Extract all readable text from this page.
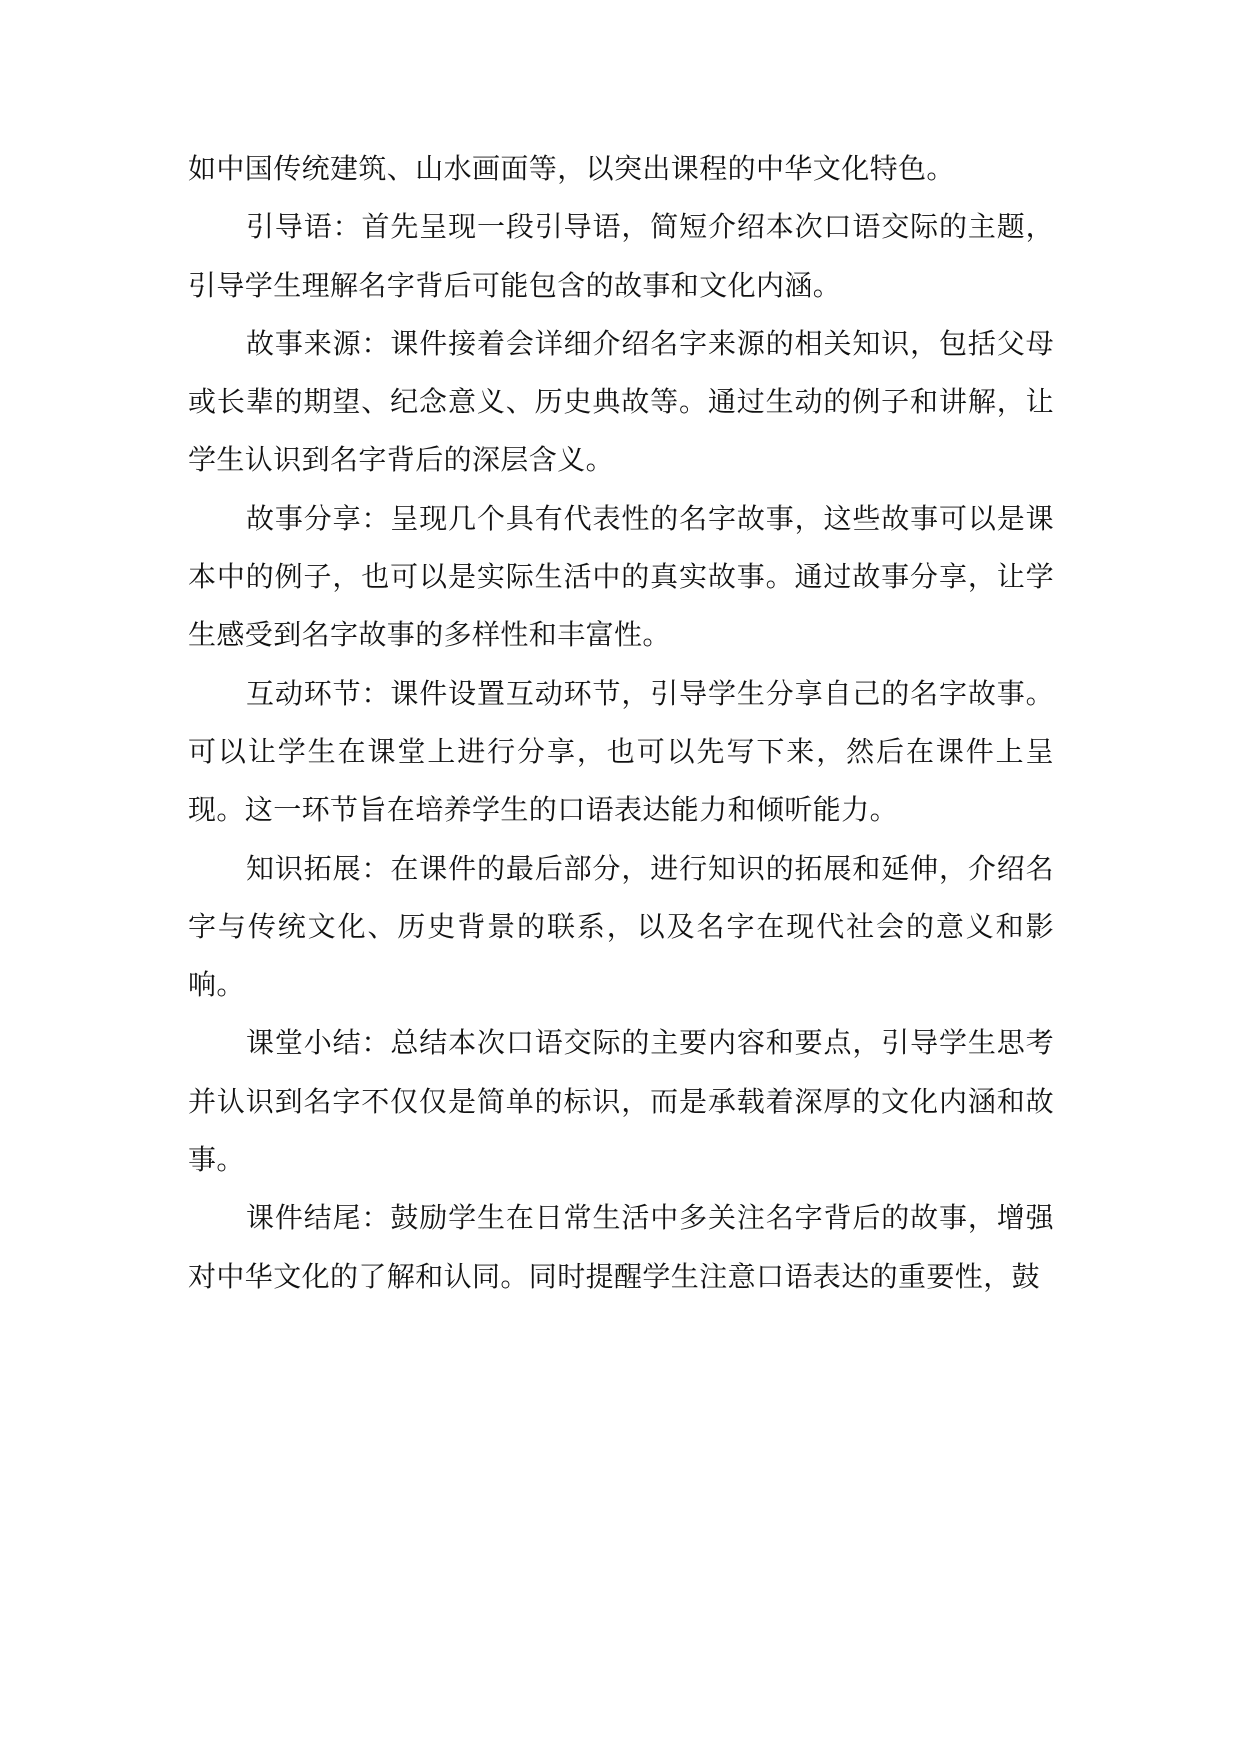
如中国传统建筑、山水画面等，以突出课程的中华文化特色。

引导语：首先呈现一段引导语，简短介绍本次口语交际的主题，引导学生理解名字背后可能包含的故事和文化内涵。

故事来源：课件接着会详细介绍名字来源的相关知识，包括父母或长辈的期望、纪念意义、历史典故等。通过生动的例子和讲解，让学生认识到名字背后的深层含义。

故事分享：呈现几个具有代表性的名字故事，这些故事可以是课本中的例子，也可以是实际生活中的真实故事。通过故事分享，让学生感受到名字故事的多样性和丰富性。

互动环节：课件设置互动环节，引导学生分享自己的名字故事。可以让学生在课堂上进行分享，也可以先写下来，然后在课件上呈现。这一环节旨在培养学生的口语表达能力和倾听能力。

知识拓展：在课件的最后部分，进行知识的拓展和延伸，介绍名字与传统文化、历史背景的联系，以及名字在现代社会的意义和影响。

课堂小结：总结本次口语交际的主要内容和要点，引导学生思考并认识到名字不仅仅是简单的标识，而是承载着深厚的文化内涵和故事。

课件结尾：鼓励学生在日常生活中多关注名字背后的故事，增强对中华文化的了解和认同。同时提醒学生注意口语表达的重要性，鼓
